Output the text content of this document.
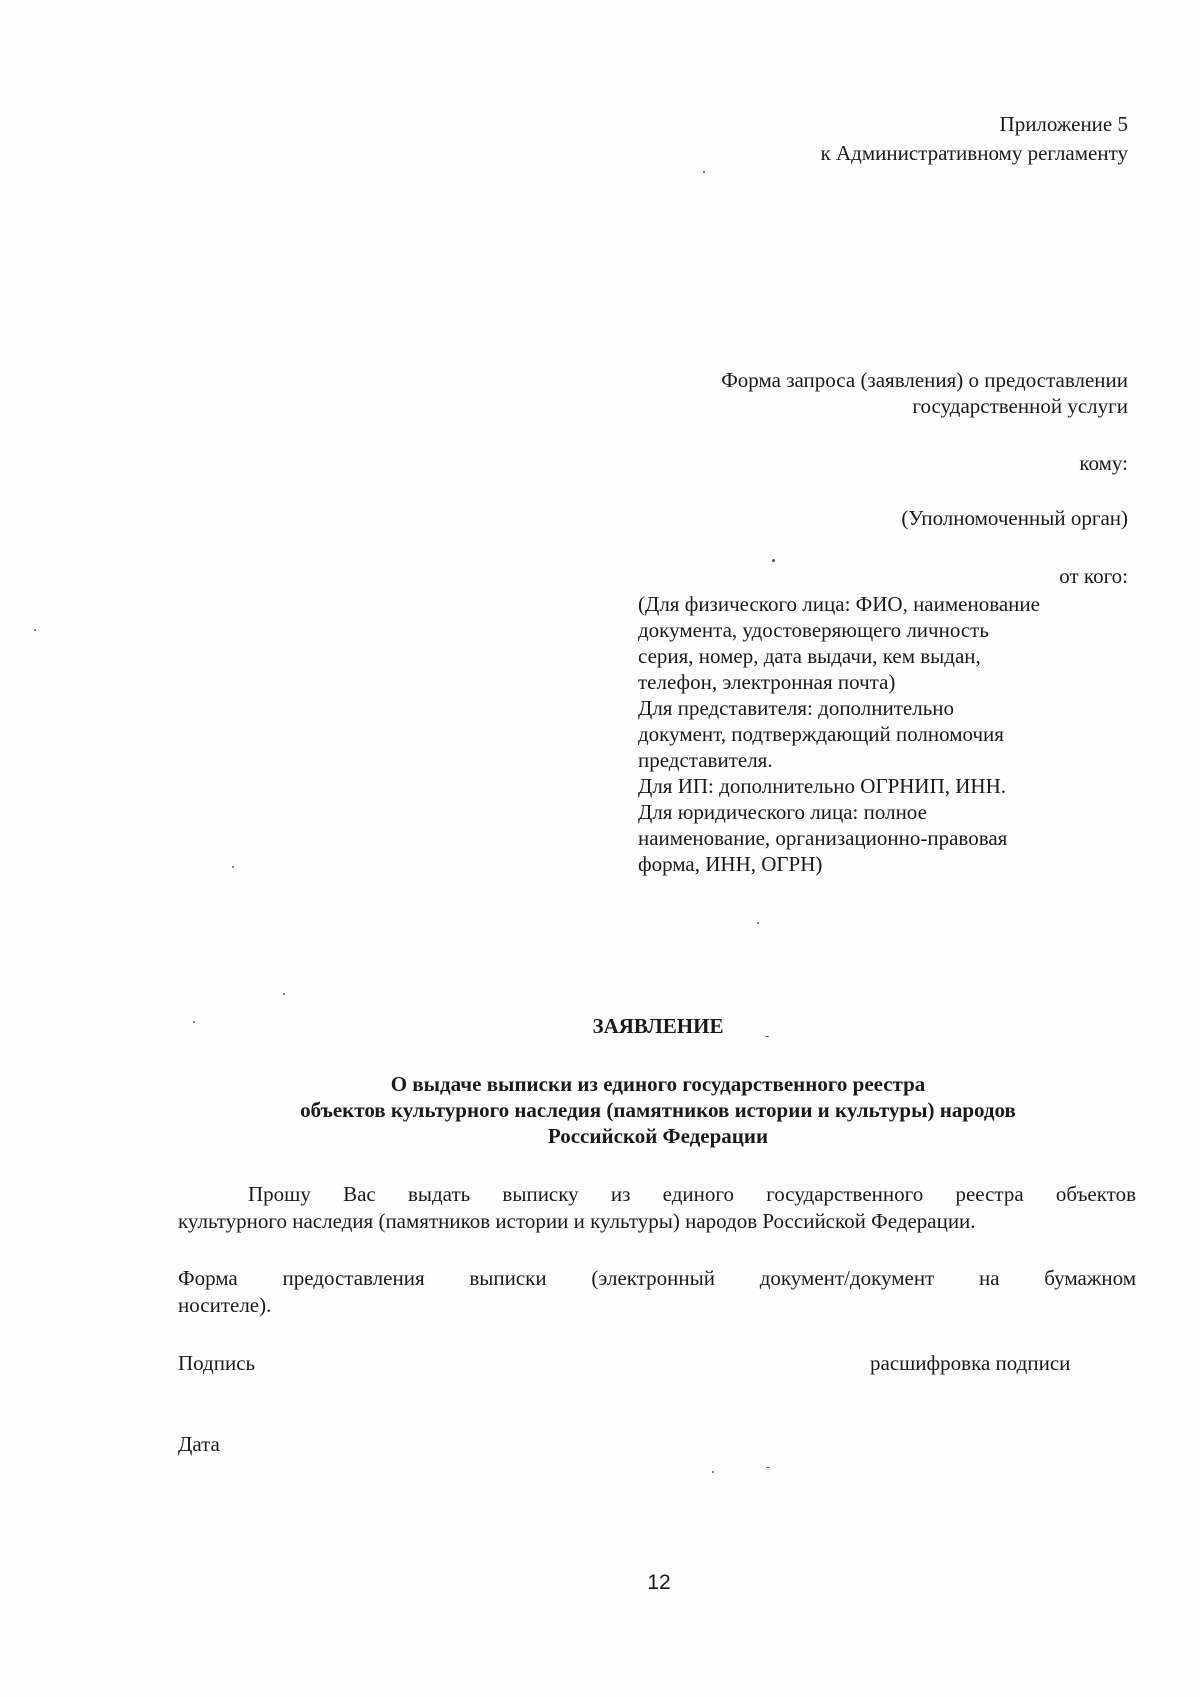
Приложение 5
к Административному регламенту
Форма запроса (заявления) о предоставлении
государственной услуги
кому:
(Уполномоченный орган)
от кого:
(Для физического лица: ФИО, наименование
документа, удостоверяющего личность
серия, номер, дата выдачи, кем выдан,
телефон, электронная почта)
Для представителя: дополнительно
документ, подтверждающий полномочия
представителя.
Для ИП: дополнительно ОГРНИП, ИНН.
Для юридического лица: полное
наименование, организационно-правовая
форма, ИНН, ОГРН)
ЗАЯВЛЕНИЕ
О выдаче выписки из единого государственного реестра
объектов культурного наследия (памятников истории и культуры) народов
Российской Федерации
Прошу Вас выдать выписку из единого государственного реестра объектов
культурного наследия (памятников истории и культуры) народов Российской Федерации.
Форма предоставления выписки (электронный документ/документ на бумажном
носителе).
Подпись	расшифровка подписи
Дата
12
